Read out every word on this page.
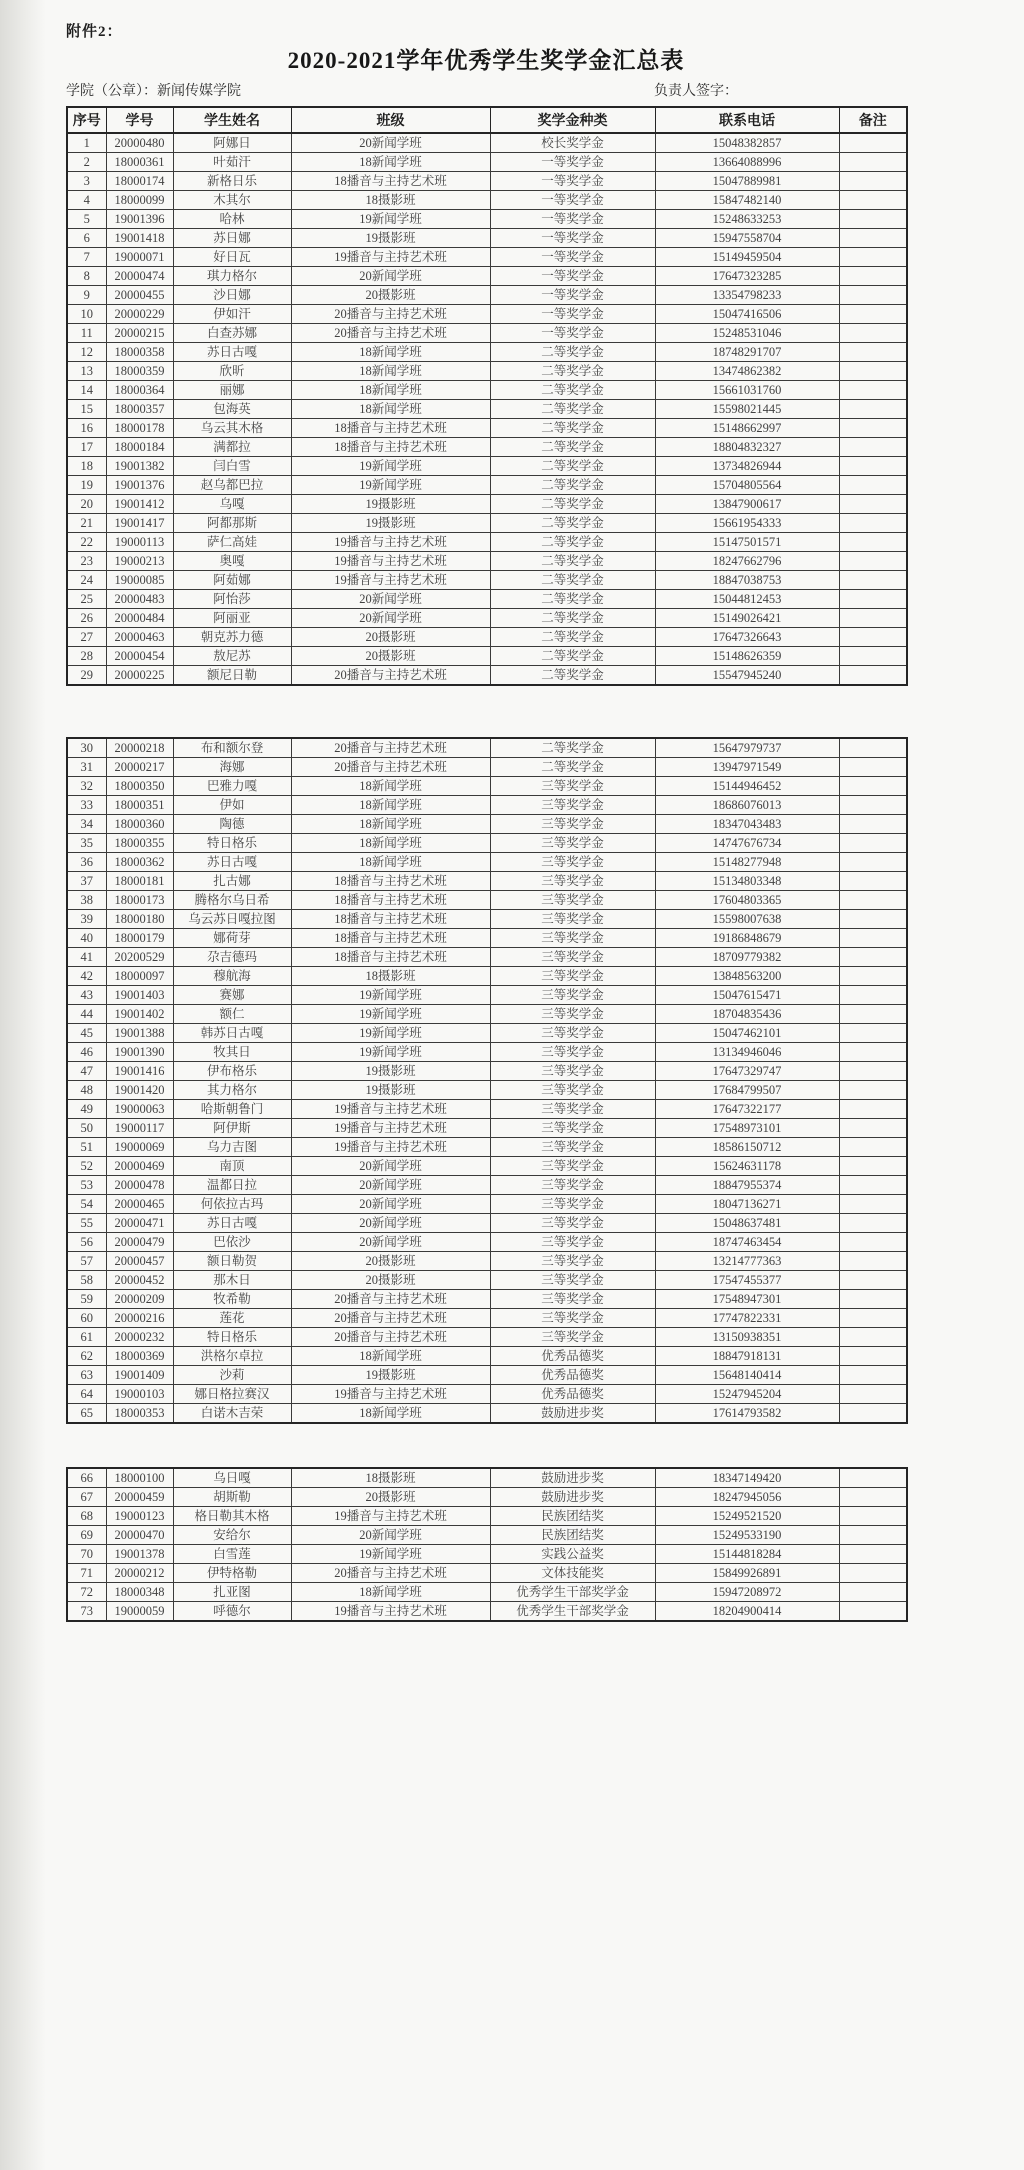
附件2：
2020-2021学年优秀学生奖学金汇总表
学院（公章）：新闻传媒学院	负责人签字：
序号	学号	学生姓名	班级	奖学金种类	联系电话	备注
1	20000480	阿娜日	20新闻学班	校长奖学金	15048382857	
2	18000361	叶茹汗	18新闻学班	一等奖学金	13664088996	
3	18000174	新格日乐	18播音与主持艺术班	一等奖学金	15047889981	
4	18000099	木其尔	18摄影班	一等奖学金	15847482140	
5	19001396	哈林	19新闻学班	一等奖学金	15248633253	
6	19001418	苏日娜	19摄影班	一等奖学金	15947558704	
7	19000071	好日瓦	19播音与主持艺术班	一等奖学金	15149459504	
8	20000474	琪力格尔	20新闻学班	一等奖学金	17647323285	
9	20000455	沙日娜	20摄影班	一等奖学金	13354798233	
10	20000229	伊如汗	20播音与主持艺术班	一等奖学金	15047416506	
11	20000215	白查苏娜	20播音与主持艺术班	一等奖学金	15248531046	
12	18000358	苏日古嘎	18新闻学班	二等奖学金	18748291707	
13	18000359	欣昕	18新闻学班	二等奖学金	13474862382	
14	18000364	丽娜	18新闻学班	二等奖学金	15661031760	
15	18000357	包海英	18新闻学班	二等奖学金	15598021445	
16	18000178	乌云其木格	18播音与主持艺术班	二等奖学金	15148662997	
17	18000184	满都拉	18播音与主持艺术班	二等奖学金	18804832327	
18	19001382	闫白雪	19新闻学班	二等奖学金	13734826944	
19	19001376	赵乌都巴拉	19新闻学班	二等奖学金	15704805564	
20	19001412	乌嘎	19摄影班	二等奖学金	13847900617	
21	19001417	阿都那斯	19摄影班	二等奖学金	15661954333	
22	19000113	萨仁高娃	19播音与主持艺术班	二等奖学金	15147501571	
23	19000213	奥嘎	19播音与主持艺术班	二等奖学金	18247662796	
24	19000085	阿茹娜	19播音与主持艺术班	二等奖学金	18847038753	
25	20000483	阿怡莎	20新闻学班	二等奖学金	15044812453	
26	20000484	阿丽亚	20新闻学班	二等奖学金	15149026421	
27	20000463	朝克苏力德	20摄影班	二等奖学金	17647326643	
28	20000454	敖尼苏	20摄影班	二等奖学金	15148626359	
29	20000225	额尼日勒	20播音与主持艺术班	二等奖学金	15547945240	
30	20000218	布和额尔登	20播音与主持艺术班	二等奖学金	15647979737	
31	20000217	海娜	20播音与主持艺术班	二等奖学金	13947971549	
32	18000350	巴雅力嘎	18新闻学班	三等奖学金	15144946452	
33	18000351	伊如	18新闻学班	三等奖学金	18686076013	
34	18000360	陶德	18新闻学班	三等奖学金	18347043483	
35	18000355	特日格乐	18新闻学班	三等奖学金	14747676734	
36	18000362	苏日古嘎	18新闻学班	三等奖学金	15148277948	
37	18000181	扎古娜	18播音与主持艺术班	三等奖学金	15134803348	
38	18000173	腾格尔乌日希	18播音与主持艺术班	三等奖学金	17604803365	
39	18000180	乌云苏日嘎拉图	18播音与主持艺术班	三等奖学金	15598007638	
40	18000179	娜荷芽	18播音与主持艺术班	三等奖学金	19186848679	
41	20200529	尕吉德玛	18播音与主持艺术班	三等奖学金	18709779382	
42	18000097	穆航海	18摄影班	三等奖学金	13848563200	
43	19001403	赛娜	19新闻学班	三等奖学金	15047615471	
44	19001402	额仁	19新闻学班	三等奖学金	18704835436	
45	19001388	韩苏日古嘎	19新闻学班	三等奖学金	15047462101	
46	19001390	牧其日	19新闻学班	三等奖学金	13134946046	
47	19001416	伊布格乐	19摄影班	三等奖学金	17647329747	
48	19001420	其力格尔	19摄影班	三等奖学金	17684799507	
49	19000063	哈斯朝鲁门	19播音与主持艺术班	三等奖学金	17647322177	
50	19000117	阿伊斯	19播音与主持艺术班	三等奖学金	17548973101	
51	19000069	乌力吉图	19播音与主持艺术班	三等奖学金	18586150712	
52	20000469	南顶	20新闻学班	三等奖学金	15624631178	
53	20000478	温都日拉	20新闻学班	三等奖学金	18847955374	
54	20000465	何依拉古玛	20新闻学班	三等奖学金	18047136271	
55	20000471	苏日古嘎	20新闻学班	三等奖学金	15048637481	
56	20000479	巴依沙	20新闻学班	三等奖学金	18747463454	
57	20000457	额日勒贺	20摄影班	三等奖学金	13214777363	
58	20000452	那木日	20摄影班	三等奖学金	17547455377	
59	20000209	牧希勒	20播音与主持艺术班	三等奖学金	17548947301	
60	20000216	莲花	20播音与主持艺术班	三等奖学金	17747822331	
61	20000232	特日格乐	20播音与主持艺术班	三等奖学金	13150938351	
62	18000369	洪格尔卓拉	18新闻学班	优秀品德奖	18847918131	
63	19001409	沙莉	19摄影班	优秀品德奖	15648140414	
64	19000103	娜日格拉赛汉	19播音与主持艺术班	优秀品德奖	15247945204	
65	18000353	白诺木吉荣	18新闻学班	鼓励进步奖	17614793582	
66	18000100	乌日嘎	18摄影班	鼓励进步奖	18347149420	
67	20000459	胡斯勒	20摄影班	鼓励进步奖	18247945056	
68	19000123	格日勒其木格	19播音与主持艺术班	民族团结奖	15249521520	
69	20000470	安给尔	20新闻学班	民族团结奖	15249533190	
70	19001378	白雪莲	19新闻学班	实践公益奖	15144818284	
71	20000212	伊特格勒	20播音与主持艺术班	文体技能奖	15849926891	
72	18000348	扎亚图	18新闻学班	优秀学生干部奖学金	15947208972	
73	19000059	呼德尔	19播音与主持艺术班	优秀学生干部奖学金	18204900414	
